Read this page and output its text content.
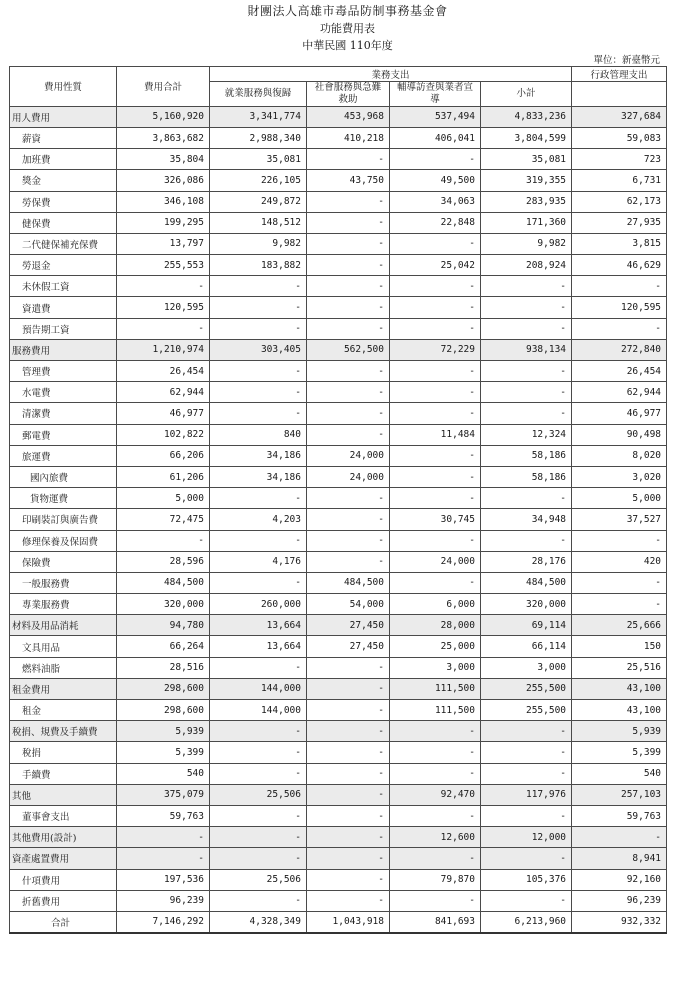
財團法人高雄市毒品防制事務基金會
功能費用表
中華民國 110年度
單位：新臺幣元
費用性質	費用合計	業務支出				行政管理支出
		就業服務與復歸	社會服務與急難救助	輔導訪查與業者宣導	小計	
用人費用	5,160,920	3,341,774	453,968	537,494	4,833,236	327,684
薪資	3,863,682	2,988,340	410,218	406,041	3,804,599	59,083
加班費	35,804	35,081	-	-	35,081	723
獎金	326,086	226,105	43,750	49,500	319,355	6,731
勞保費	346,108	249,872	-	34,063	283,935	62,173
健保費	199,295	148,512	-	22,848	171,360	27,935
二代健保補充保費	13,797	9,982	-	-	9,982	3,815
勞退金	255,553	183,882	-	25,042	208,924	46,629
未休假工資	-	-	-	-	-	-
資遣費	120,595	-	-	-	-	120,595
預告期工資	-	-	-	-	-	-
服務費用	1,210,974	303,405	562,500	72,229	938,134	272,840
管理費	26,454	-	-	-	-	26,454
水電費	62,944	-	-	-	-	62,944
清潔費	46,977	-	-	-	-	46,977
郵電費	102,822	840	-	11,484	12,324	90,498
旅運費	66,206	34,186	24,000	-	58,186	8,020
國內旅費	61,206	34,186	24,000	-	58,186	3,020
貨物運費	5,000	-	-	-	-	5,000
印刷裝訂與廣告費	72,475	4,203	-	30,745	34,948	37,527
修理保養及保固費	-	-	-	-	-	-
保險費	28,596	4,176	-	24,000	28,176	420
一般服務費	484,500	-	484,500	-	484,500	-
專業服務費	320,000	260,000	54,000	6,000	320,000	-
材料及用品消耗	94,780	13,664	27,450	28,000	69,114	25,666
文具用品	66,264	13,664	27,450	25,000	66,114	150
燃料油脂	28,516	-	-	3,000	3,000	25,516
租金費用	298,600	144,000	-	111,500	255,500	43,100
租金	298,600	144,000	-	111,500	255,500	43,100
稅捐、規費及手續費	5,939	-	-	-	-	5,939
稅捐	5,399	-	-	-	-	5,399
手續費	540	-	-	-	-	540
其他	375,079	25,506	-	92,470	117,976	257,103
董事會支出	59,763	-	-	-	-	59,763
其他費用(設計)	-	-	-	12,600	12,000	-
資產處置費用	-	-	-	-	-	8,941
什項費用	197,536	25,506	-	79,870	105,376	92,160
折舊費用	96,239	-	-	-	-	96,239
合計	7,146,292	4,328,349	1,043,918	841,693	6,213,960	932,332
